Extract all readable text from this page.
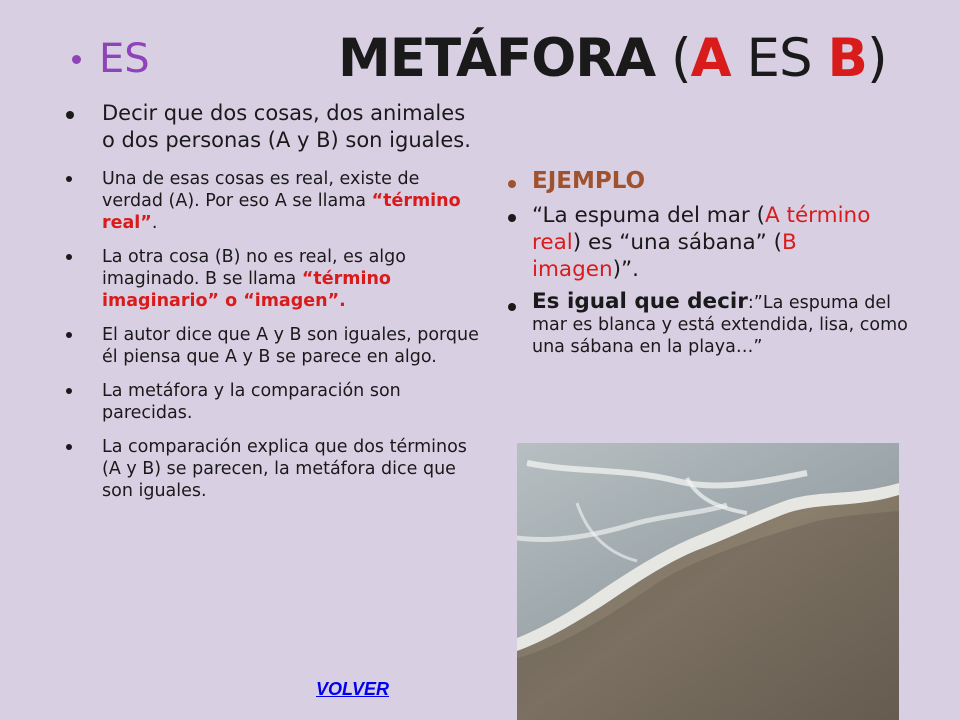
ES	METÁFORA (A ES B)
Decir que dos cosas, dos animales o dos personas (A y B) son iguales.
Una de esas cosas es real, existe de verdad (A). Por eso A se llama “término real”.
La otra cosa (B) no es real, es algo imaginado. B se llama “término imaginario” o “imagen”.
El autor dice que A y B son iguales, porque él piensa que A y B se parece en algo.
La metáfora y la comparación son parecidas.
La comparación explica que dos términos (A y B) se parecen, la metáfora dice que son iguales.
EJEMPLO
“La espuma del mar (A término real) es “una sábana” (B imagen)”.
Es igual que decir:”La espuma del mar es blanca y está extendida, lisa, como una sábana en la playa…”
VOLVER
